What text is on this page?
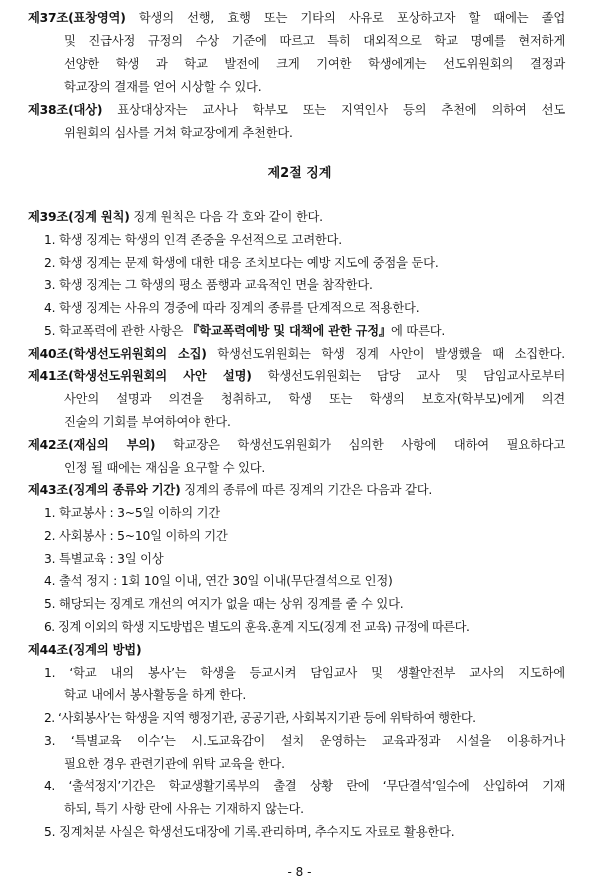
제37조(표창영역) 학생의 선행, 효행 또는 기타의 사유로 포상하고자 할 때에는 졸업
및 진급사정 규정의 수상 기준에 따르고 특히 대외적으로 학교 명예를 현저하게
선양한 학생 과 학교 발전에 크게 기여한 학생에게는 선도위원회의 결정과
학교장의 결재를 얻어 시상할 수 있다.
제38조(대상) 표상대상자는 교사나 학부모 또는 지역인사 등의 추천에 의하여 선도
위원회의 심사를 거쳐 학교장에게 추천한다.
제2절 징계
제39조(징계 원칙) 징계 원칙은 다음 각 호와 같이 한다.
1. 학생 징계는 학생의 인격 존중을 우선적으로 고려한다.
2. 학생 징계는 문제 학생에 대한 대응 조치보다는 예방 지도에 중점을 둔다.
3. 학생 징계는 그 학생의 평소 품행과 교육적인 면을 참작한다.
4. 학생 징계는 사유의 경중에 따라 징계의 종류를 단계적으로 적용한다.
5. 학교폭력에 관한 사항은 『학교폭력예방 및 대책에 관한 규정』에 따른다.
제40조(학생선도위원회의 소집) 학생선도위원회는 학생 징계 사안이 발생했을 때 소집한다.
제41조(학생선도위원회의 사안 설명) 학생선도위원회는 담당 교사 및 담임교사로부터
사안의 설명과 의견을 청취하고, 학생 또는 학생의 보호자(학부모)에게 의견
진술의 기회를 부여하여야 한다.
제42조(재심의 부의) 학교장은 학생선도위원회가 심의한 사항에 대하여 필요하다고
인정 될 때에는 재심을 요구할 수 있다.
제43조(징계의 종류와 기간) 징계의 종류에 따른 징계의 기간은 다음과 같다.
1. 학교봉사 : 3~5일 이하의 기간
2. 사회봉사 : 5~10일 이하의 기간
3. 특별교육 : 3일 이상
4. 출석 정지 : 1회 10일 이내, 연간 30일 이내(무단결석으로 인정)
5. 해당되는 징계로 개선의 여지가 없을 때는 상위 징계를 줄 수 있다.
6. 징계 이외의 학생 지도방법은 별도의 훈육.훈계 지도(징계 전 교육) 규정에 따른다.
제44조(징계의 방법)
1. ‘학교 내의 봉사’는 학생을 등교시켜 담임교사 및 생활안전부 교사의 지도하에
학교 내에서 봉사활동을 하게 한다.
2. ‘사회봉사’는 학생을 지역 행정기관, 공공기관, 사회복지기관 등에 위탁하여 행한다.
3. ‘특별교육 이수’는 시.도교육감이 설치 운영하는 교육과정과 시설을 이용하거나
필요한 경우 관련기관에 위탁 교육을 한다.
4. ‘출석정지’기간은 학교생활기록부의 출결 상황 란에 ‘무단결석’일수에 산입하여 기재
하되, 특기 사항 란에 사유는 기재하지 않는다.
5. 징계처분 사실은 학생선도대장에 기록.관리하며, 추수지도 자료로 활용한다.
- 8 -
